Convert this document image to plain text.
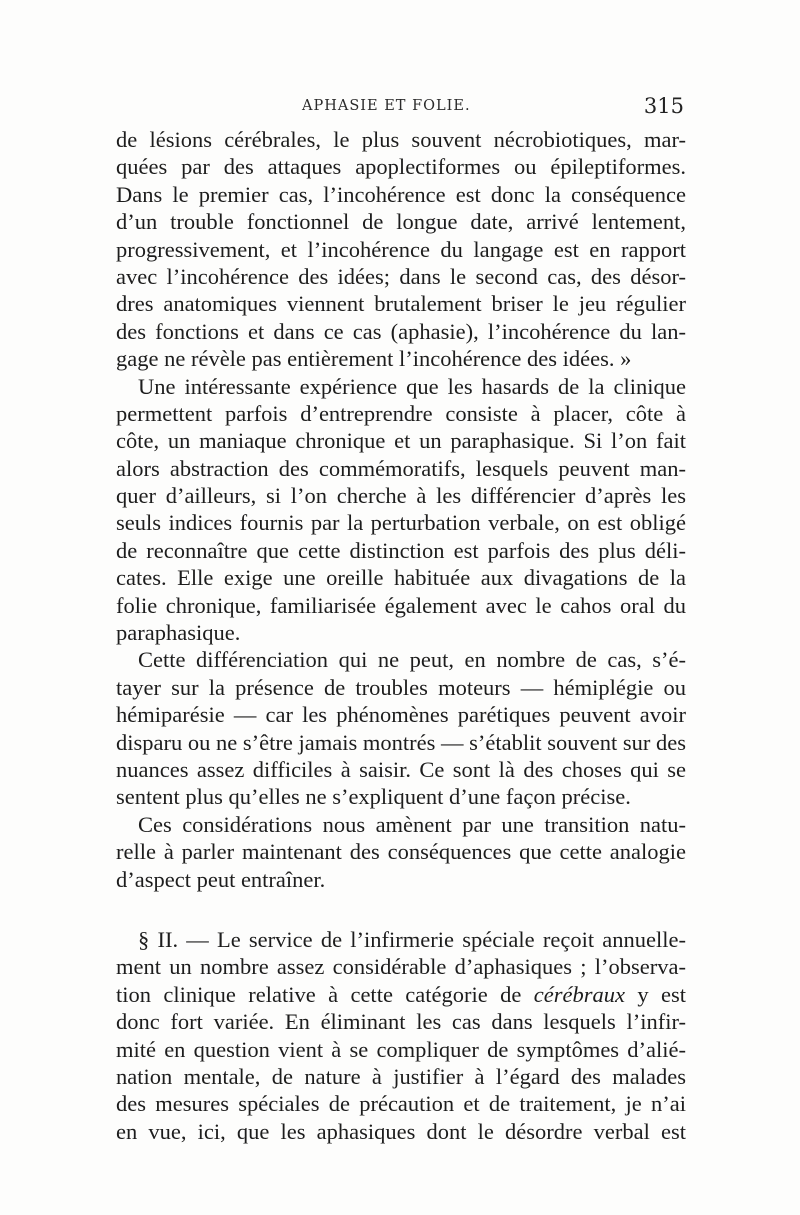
APHASIE ET FOLIE.	315
de lésions cérébrales, le plus souvent nécrobiotiques, mar-
quées par des attaques apoplectiformes ou épileptiformes.
Dans le premier cas, l’incohérence est donc la conséquence
d’un trouble fonctionnel de longue date, arrivé lentement,
progressivement, et l’incohérence du langage est en rapport
avec l’incohérence des idées; dans le second cas, des désor-
dres anatomiques viennent brutalement briser le jeu régulier
des fonctions et dans ce cas (aphasie), l’incohérence du lan-
gage ne révèle pas entièrement l’incohérence des idées. »
Une intéressante expérience que les hasards de la clinique
permettent parfois d’entreprendre consiste à placer, côte à
côte, un maniaque chronique et un paraphasique. Si l’on fait
alors abstraction des commémoratifs, lesquels peuvent man-
quer d’ailleurs, si l’on cherche à les différencier d’après les
seuls indices fournis par la perturbation verbale, on est obligé
de reconnaître que cette distinction est parfois des plus déli-
cates. Elle exige une oreille habituée aux divagations de la
folie chronique, familiarisée également avec le cahos oral du
paraphasique.
Cette différenciation qui ne peut, en nombre de cas, s’é-
tayer sur la présence de troubles moteurs — hémiplégie ou
hémiparésie — car les phénomènes parétiques peuvent avoir
disparu ou ne s’être jamais montrés — s’établit souvent sur des
nuances assez difficiles à saisir. Ce sont là des choses qui se
sentent plus qu’elles ne s’expliquent d’une façon précise.
Ces considérations nous amènent par une transition natu-
relle à parler maintenant des conséquences que cette analogie
d’aspect peut entraîner.
§ II. — Le service de l’infirmerie spéciale reçoit annuelle-
ment un nombre assez considérable d’aphasiques ; l’observa-
tion clinique relative à cette catégorie de cérébraux y est
donc fort variée. En éliminant les cas dans lesquels l’infir-
mité en question vient à se compliquer de symptômes d’alié-
nation mentale, de nature à justifier à l’égard des malades
des mesures spéciales de précaution et de traitement, je n’ai
en vue, ici, que les aphasiques dont le désordre verbal est
